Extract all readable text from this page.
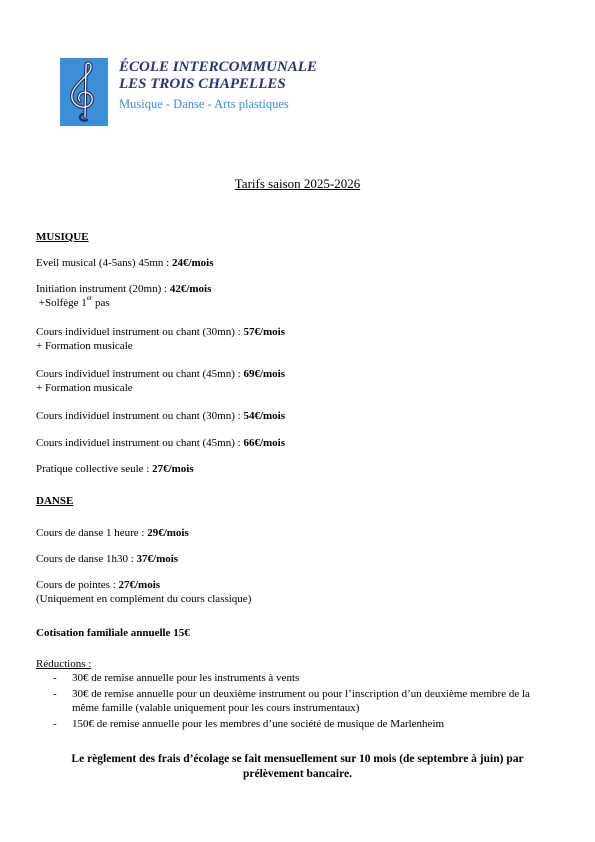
ÉCOLE INTERCOMMUNALE
LES TROIS CHAPELLES
Musique - Danse - Arts plastiques
Tarifs saison 2025-2026
MUSIQUE
Eveil musical (4-5ans) 45mn : 24€/mois
Initiation instrument (20mn) : 42€/mois
+Solfège 1er pas
Cours individuel instrument ou chant (30mn) : 57€/mois
+ Formation musicale
Cours individuel instrument ou chant (45mn) : 69€/mois
+ Formation musicale
Cours individuel instrument ou chant (30mn) : 54€/mois
Cours individuel instrument ou chant (45mn) : 66€/mois
Pratique collective seule : 27€/mois
DANSE
Cours de danse 1 heure : 29€/mois
Cours de danse 1h30 : 37€/mois
Cours de pointes : 27€/mois
(Uniquement en complément du cours classique)
Cotisation familiale annuelle 15€
Réductions :
- 30€ de remise annuelle pour les instruments à vents
- 30€ de remise annuelle pour un deuxième instrument ou pour l’inscription d’un deuxième membre de la même famille (valable uniquement pour les cours instrumentaux)
- 150€ de remise annuelle pour les membres d’une société de musique de Marlenheim
Le règlement des frais d’écolage se fait mensuellement sur 10 mois (de septembre à juin) par prélèvement bancaire.
